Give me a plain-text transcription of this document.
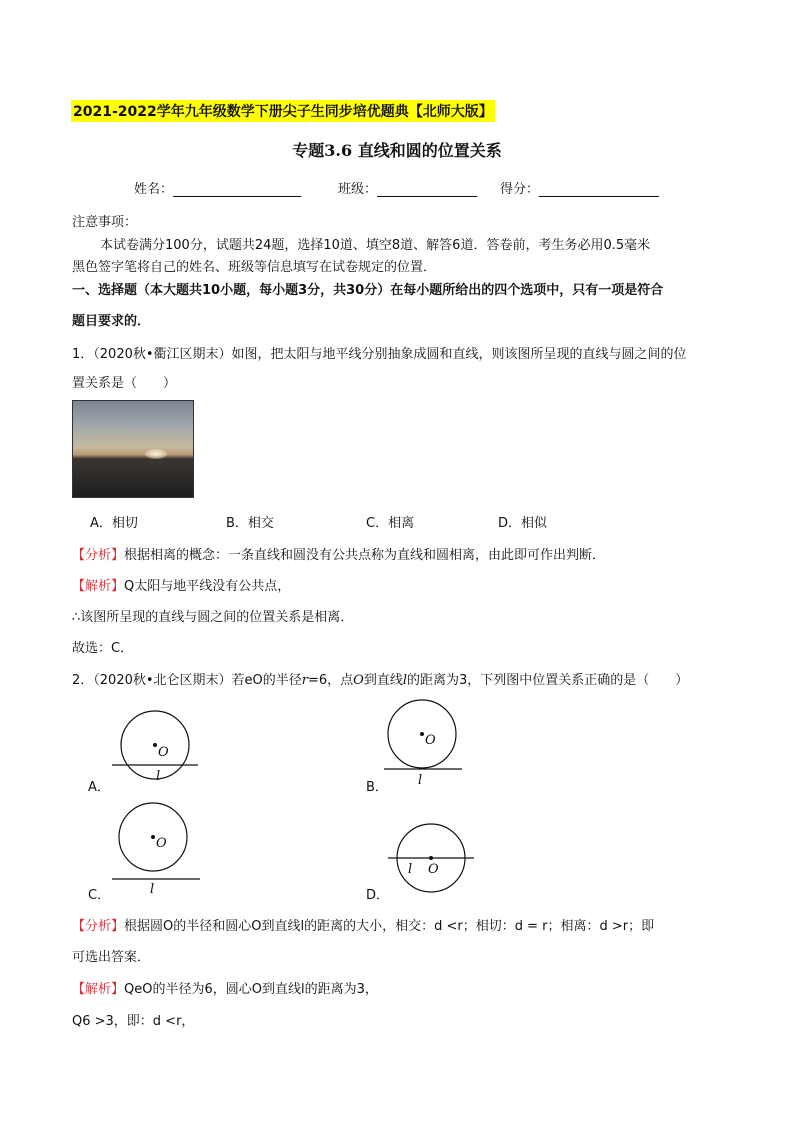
2021-2022学年九年级数学下册尖子生同步培优题典【北师大版】
专题3.6 直线和圆的位置关系
姓名：	班级：	得分：
注意事项：
本试卷满分100分，试题共24题，选择10道、填空8道、解答6道．答卷前，考生务必用0.5毫米
黑色签字笔将自己的姓名、班级等信息填写在试卷规定的位置．
一、选择题（本大题共10小题，每小题3分，共30分）在每小题所给出的四个选项中，只有一项是符合
题目要求的．
1．（2020秋•衢江区期末）如图，把太阳与地平线分别抽象成圆和直线，则该图所呈现的直线与圆之间的位
置关系是（　　）
A．相切	B．相交	C．相离	D．相似
【分析】根据相离的概念：一条直线和圆没有公共点称为直线和圆相离，由此即可作出判断．
【解析】Q太阳与地平线没有公共点，
∴该图所呈现的直线与圆之间的位置关系是相离．
故选：C．
2．（2020秋•北仑区期末）若eO的半径r=6，点O到直线l的距离为3，下列图中位置关系正确的是（　　）
A．
O
l
B．
O
l
C．
O
l	D．
O
l
【分析】根据圆O的半径和圆心O到直线l的距离的大小，相交：d <r；相切：d = r；相离：d >r；即
可选出答案．
【解析】QeO的半径为6，圆心O到直线l的距离为3，
Q6 >3，即：d <r，
